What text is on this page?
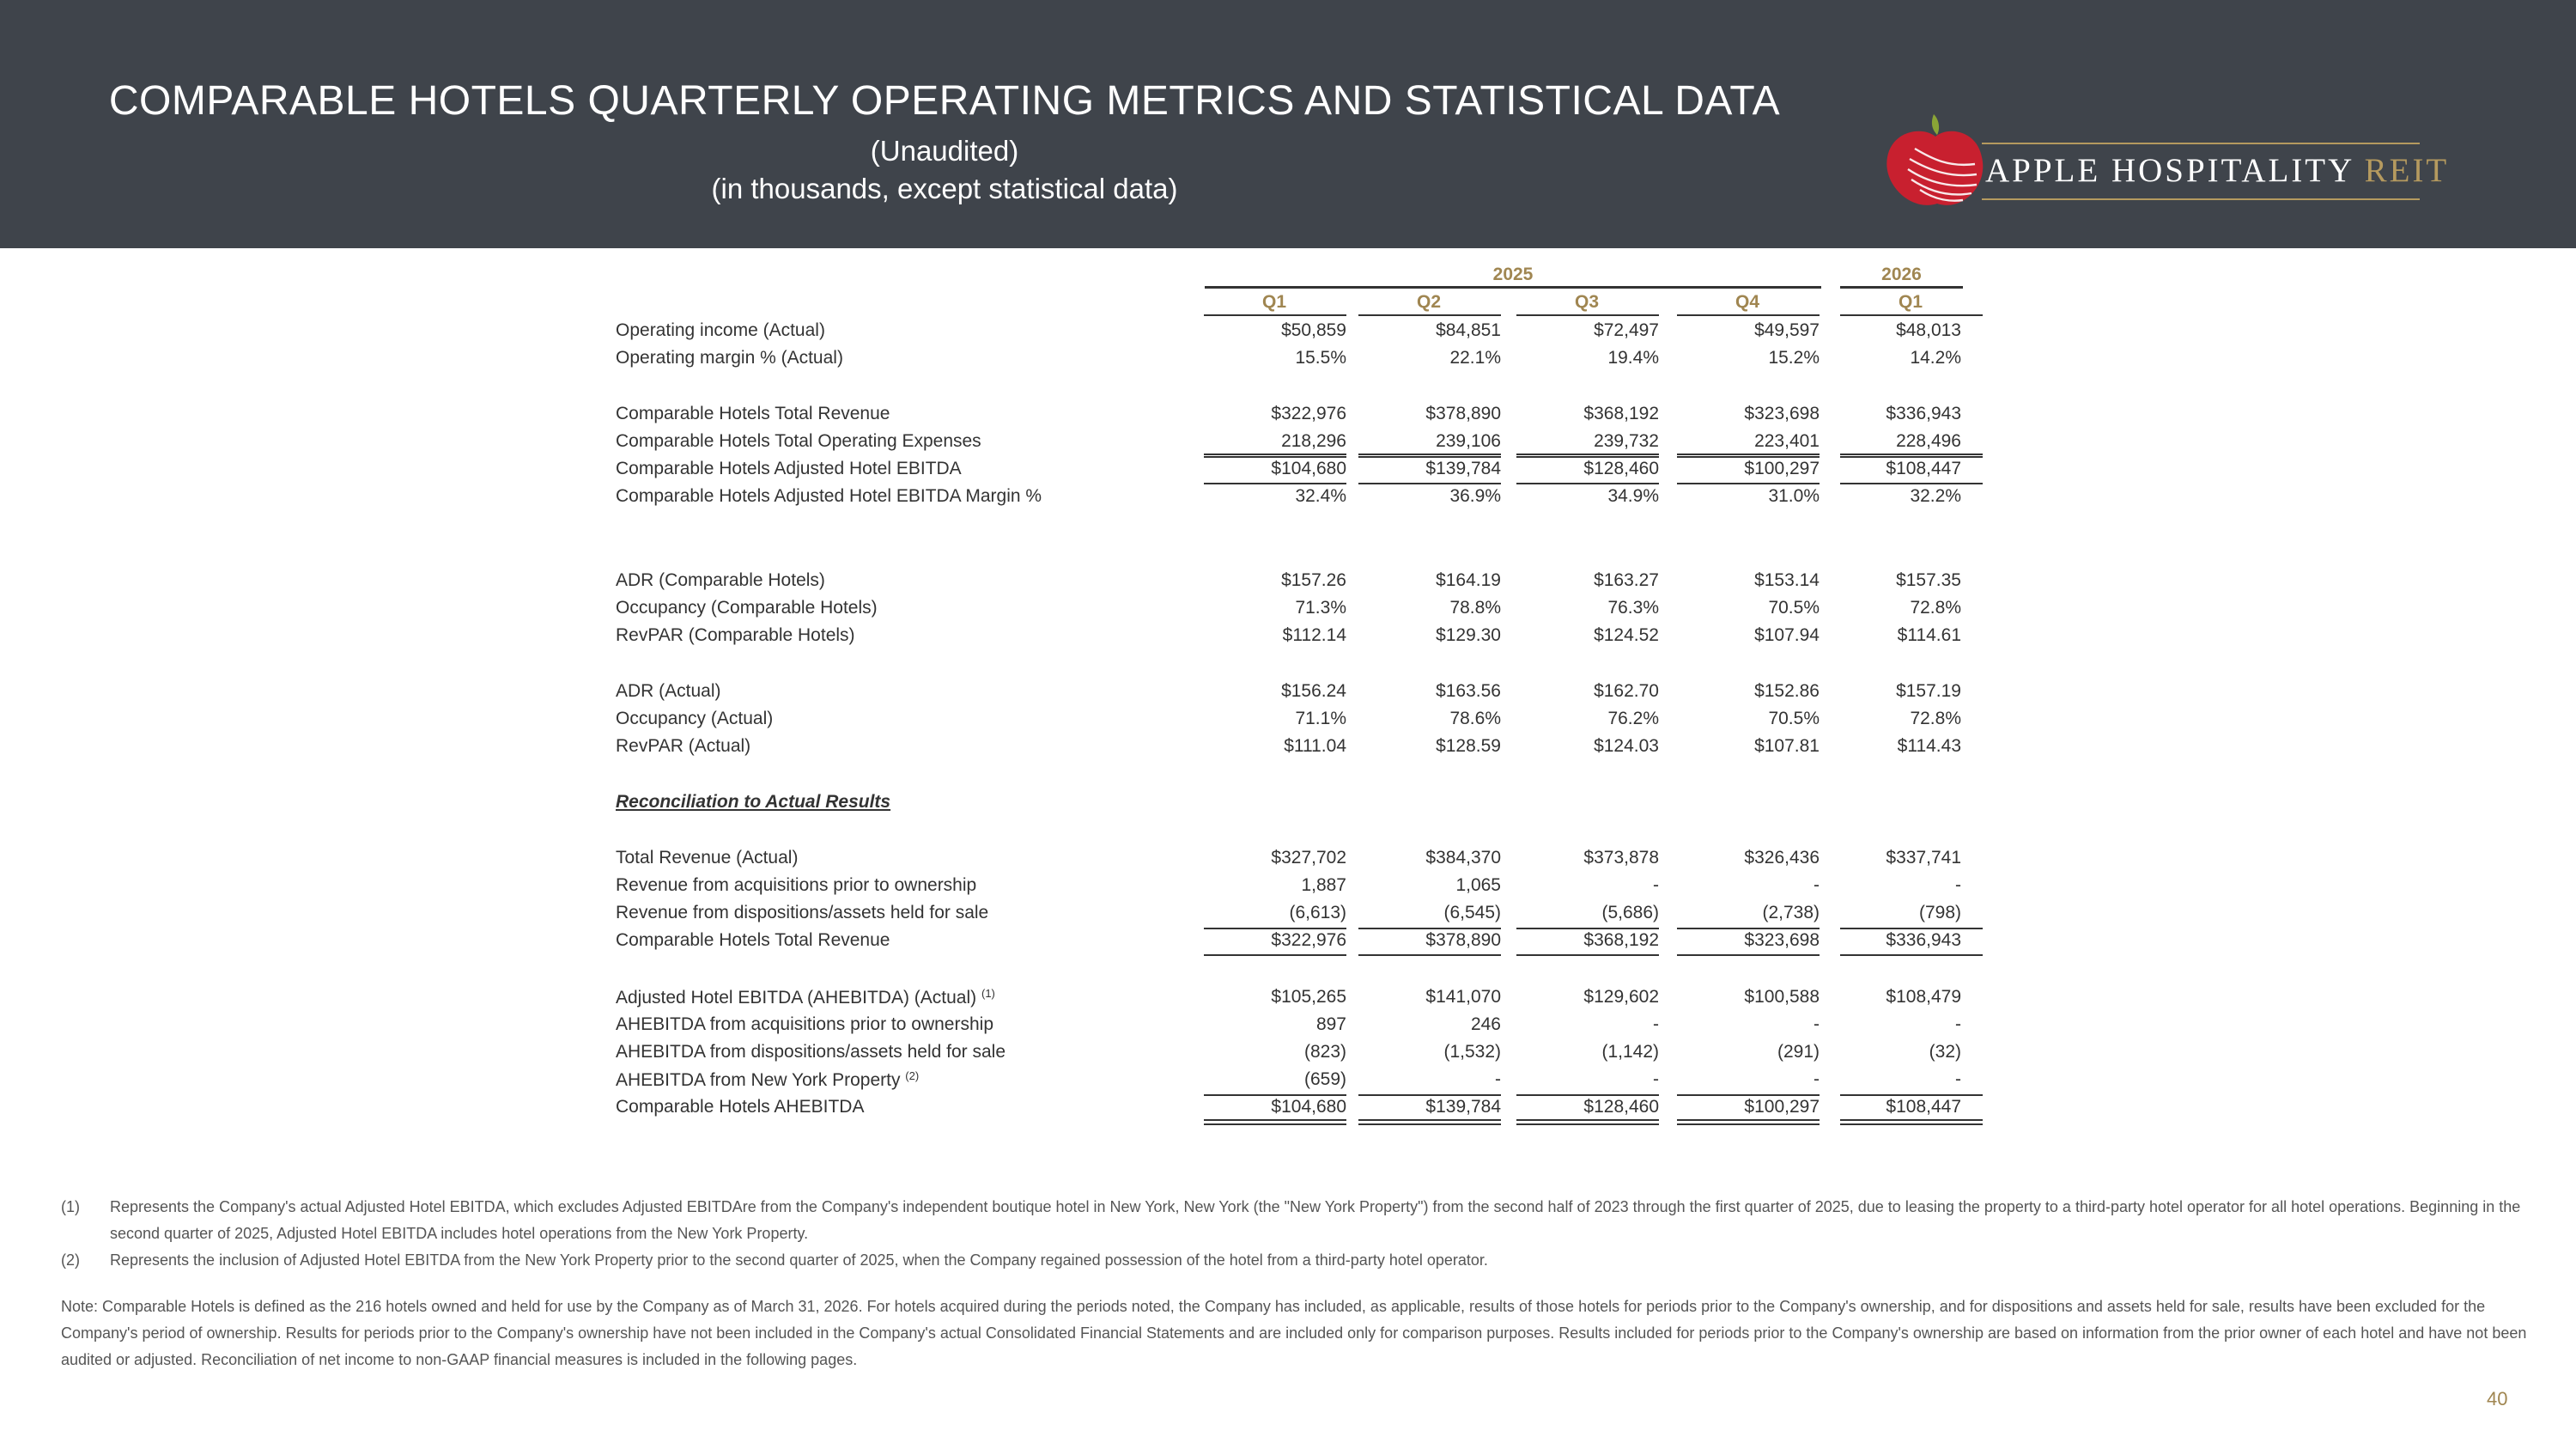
COMPARABLE HOTELS QUARTERLY OPERATING METRICS AND STATISTICAL DATA
(Unaudited)
(in thousands, except statistical data)	APPLE HOSPITALITY REIT
2025	2026
Q1	Q2	Q3	Q4	Q1
Operating income (Actual)	$50,859	$84,851	$72,497	$49,597	$48,013
Operating margin % (Actual)	15.5%	22.1%	19.4%	15.2%	14.2%
Comparable Hotels Total Revenue	$322,976	$378,890	$368,192	$323,698	$336,943
Comparable Hotels Total Operating Expenses	218,296	239,106	239,732	223,401	228,496
Comparable Hotels Adjusted Hotel EBITDA	$104,680	$139,784	$128,460	$100,297	$108,447
Comparable Hotels Adjusted Hotel EBITDA Margin %	32.4%	36.9%	34.9%	31.0%	32.2%
ADR (Comparable Hotels)	$157.26	$164.19	$163.27	$153.14	$157.35
Occupancy (Comparable Hotels)	71.3%	78.8%	76.3%	70.5%	72.8%
RevPAR (Comparable Hotels)	$112.14	$129.30	$124.52	$107.94	$114.61
ADR (Actual)	$156.24	$163.56	$162.70	$152.86	$157.19
Occupancy (Actual)	71.1%	78.6%	76.2%	70.5%	72.8%
RevPAR (Actual)	$111.04	$128.59	$124.03	$107.81	$114.43
Reconciliation to Actual Results
Total Revenue (Actual)	$327,702	$384,370	$373,878	$326,436	$337,741
Revenue from acquisitions prior to ownership	1,887	1,065	-	-	-
Revenue from dispositions/assets held for sale	(6,613)	(6,545)	(5,686)	(2,738)	(798)
Comparable Hotels Total Revenue	$322,976	$378,890	$368,192	$323,698	$336,943
Adjusted Hotel EBITDA (AHEBITDA) (Actual) $^{(1)}$	$105,265	$141,070	$129,602	$100,588	$108,479
AHEBITDA from acquisitions prior to ownership	897	246	-	-	-
AHEBITDA from dispositions/assets held for sale	(823)	(1,532)	(1,142)	(291)	(32)
AHEBITDA from New York Property $^{(2)}$	(659)	-	-	-	-
Comparable Hotels AHEBITDA	$104,680	$139,784	$128,460	$100,297	$108,447
(1) Represents the Company's actual Adjusted Hotel EBITDA, which excludes Adjusted EBITDAre from the Company's independent boutique hotel in New York, New York (the "New York Property") from the second half of 2023 through the first quarter of 2025, due to leasing the property to a third-party hotel operator for all hotel operations. Beginning in the second quarter of 2025, Adjusted Hotel EBITDA includes hotel operations from the New York Property.
(2) Represents the inclusion of Adjusted Hotel EBITDA from the New York Property prior to the second quarter of 2025, when the Company regained possession of the hotel from a third-party hotel operator.
Note: Comparable Hotels is defined as the 216 hotels owned and held for use by the Company as of March 31, 2026. For hotels acquired during the periods noted, the Company has included, as applicable, results of those hotels for periods prior to the Company's ownership, and for dispositions and assets held for sale, results have been excluded for the Company's period of ownership. Results for periods prior to the Company's ownership have not been included in the Company's actual Consolidated Financial Statements and are included only for comparison purposes. Results included for periods prior to the Company's ownership are based on information from the prior owner of each hotel and have not been audited or adjusted. Reconciliation of net income to non-GAAP financial measures is included in the following pages.
40
